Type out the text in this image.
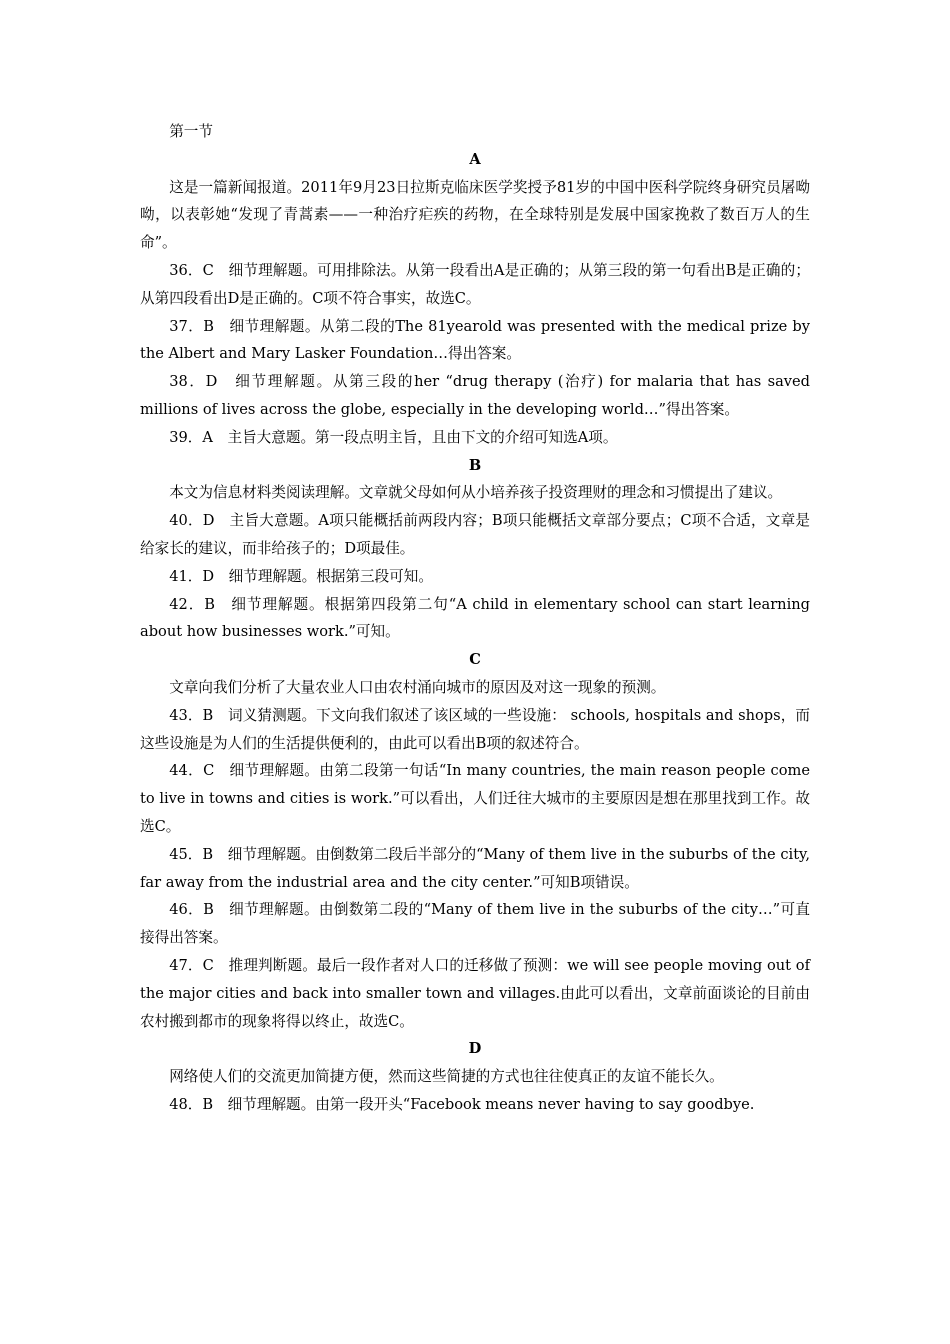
第一节

A

这是一篇新闻报道。2011年9月23日拉斯克临床医学奖授予81岁的中国中医科学院终身研究员屠呦呦，以表彰她“发现了青蒿素——一种治疗疟疾的药物，在全球特别是发展中国家挽救了数百万人的生命”。

36．C　细节理解题。可用排除法。从第一段看出A是正确的；从第三段的第一句看出B是正确的；从第四段看出D是正确的。C项不符合事实，故选C。

37．B　细节理解题。从第二段的The 81yearold was presented with the medical prize by the Albert and Mary Lasker Foundation…得出答案。

38．D　细节理解题。从第三段的her “drug therapy (治疗) for malaria that has saved millions of lives across the globe, especially in the developing world…”得出答案。

39．A　主旨大意题。第一段点明主旨，且由下文的介绍可知选A项。

B

本文为信息材料类阅读理解。文章就父母如何从小培养孩子投资理财的理念和习惯提出了建议。

40．D　主旨大意题。A项只能概括前两段内容；B项只能概括文章部分要点；C项不合适，文章是给家长的建议，而非给孩子的；D项最佳。

41．D　细节理解题。根据第三段可知。

42．B　细节理解题。根据第四段第二句“A child in elementary school can start learning about how businesses work.”可知。

C

文章向我们分析了大量农业人口由农村涌向城市的原因及对这一现象的预测。

43．B　词义猜测题。下文向我们叙述了该区域的一些设施： schools, hospitals and shops，而这些设施是为人们的生活提供便利的，由此可以看出B项的叙述符合。

44．C　细节理解题。由第二段第一句话“In many countries, the main reason people come to live in towns and cities is work.”可以看出，人们迁往大城市的主要原因是想在那里找到工作。故选C。

45．B　细节理解题。由倒数第二段后半部分的“Many of them live in the suburbs of the city, far away from the industrial area and the city center.”可知B项错误。

46．B　细节理解题。由倒数第二段的“Many of them live in the suburbs of the city…”可直接得出答案。

47．C　推理判断题。最后一段作者对人口的迁移做了预测：we will see people moving out of the major cities and back into smaller town and villages.由此可以看出，文章前面谈论的目前由农村搬到都市的现象将得以终止，故选C。

D

网络使人们的交流更加简捷方便，然而这些简捷的方式也往往使真正的友谊不能长久。

48．B　细节理解题。由第一段开头“Facebook means never having to say goodbye.
